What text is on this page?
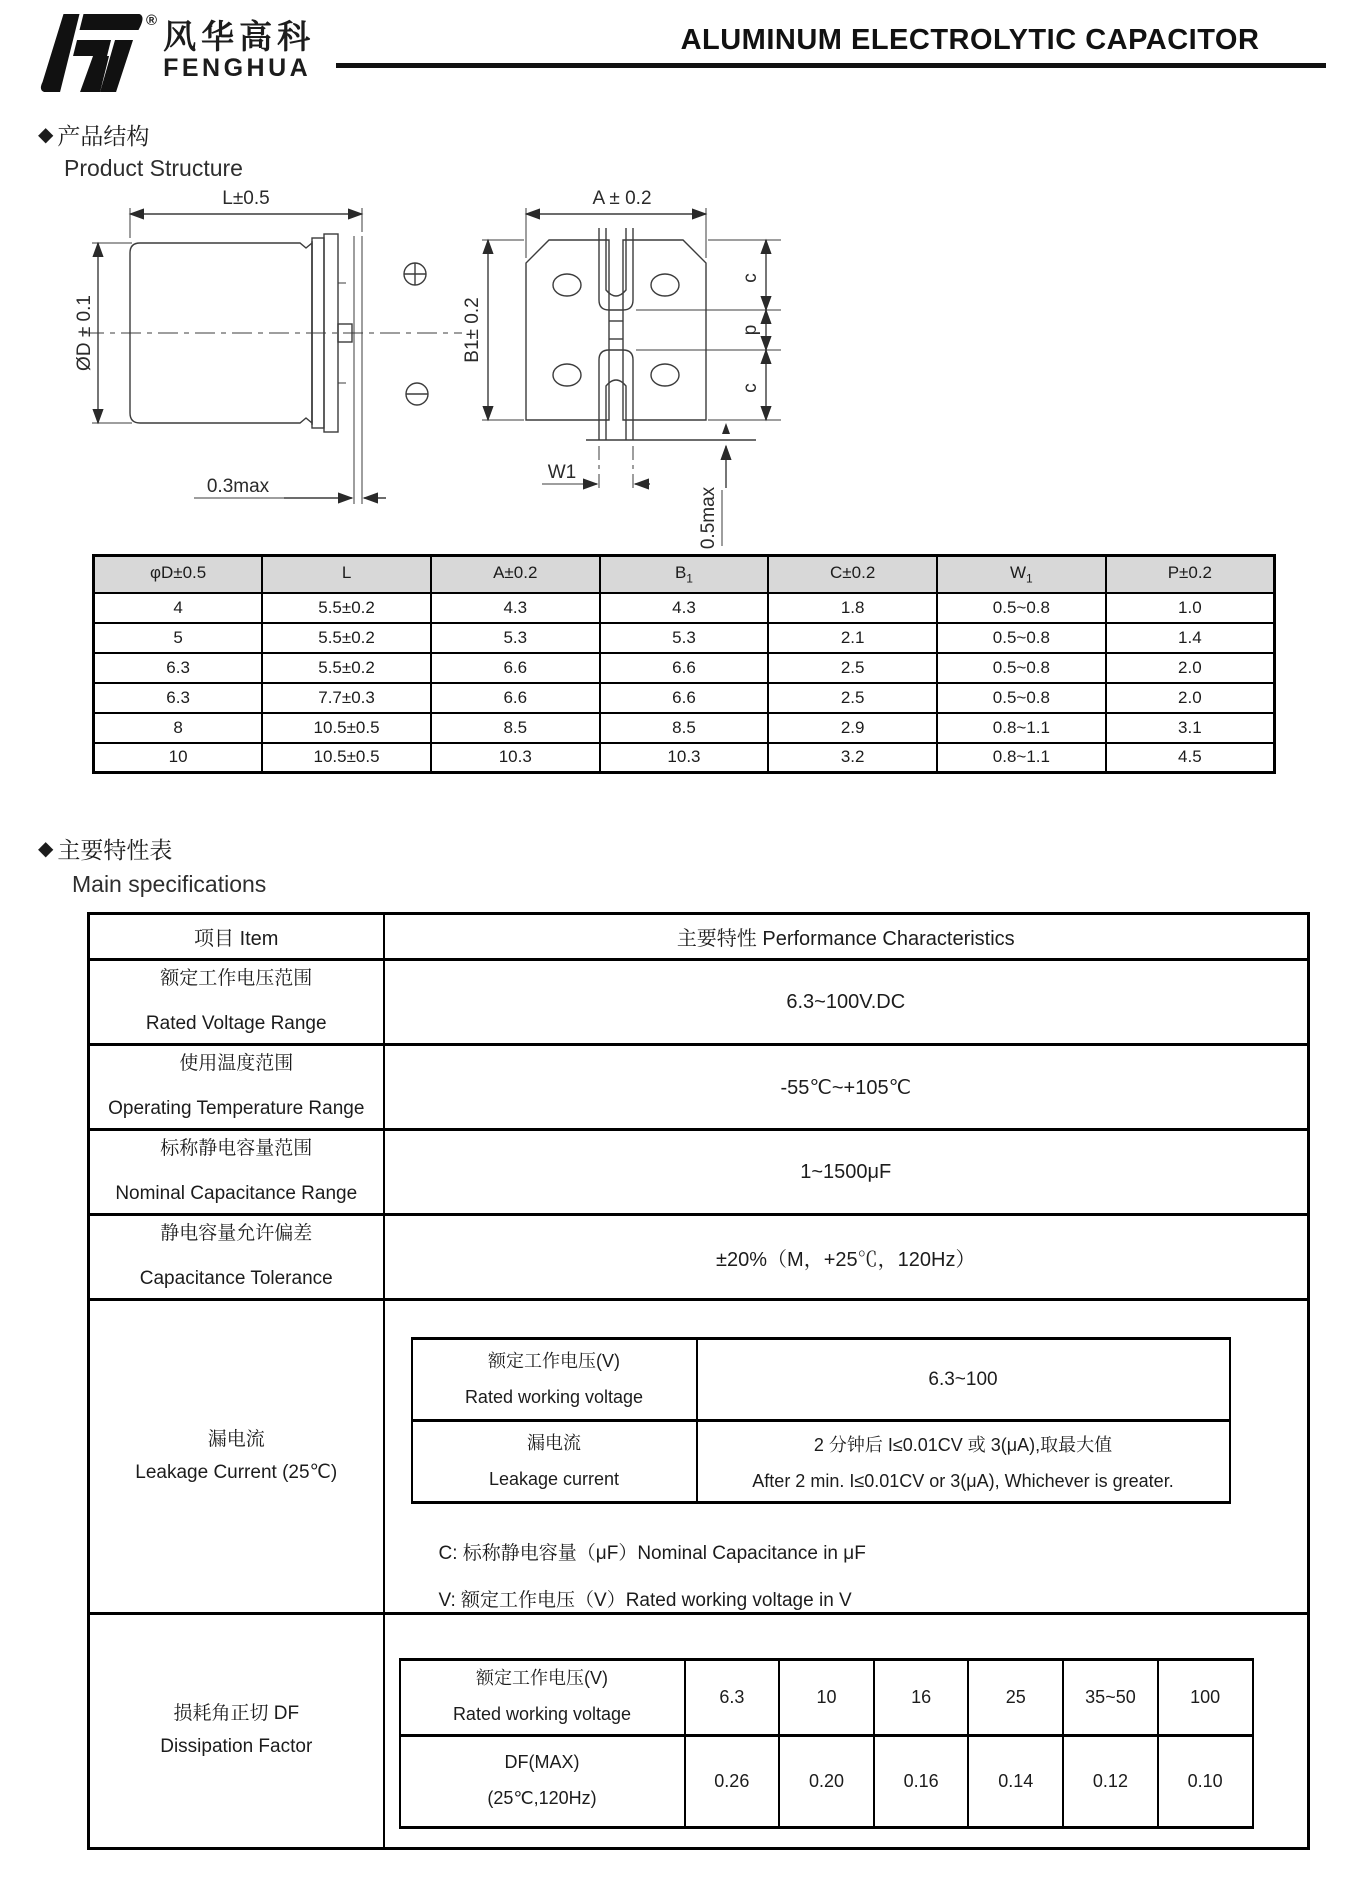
® 风华高科
FENGHUA
ALUMINUM ELECTROLYTIC CAPACITOR
◆ 产品结构
Product Structure
L±0.5
ØD ± 0.1
0.3max
A ± 0.2
B1± 0.2
c
p
c
W1
0.5max
φD±0.5	L	A±0.2	$B_1$	C±0.2	$W_1$	P±0.2
4	5.5±0.2	4.3	4.3	1.8	0.5~0.8	1.0
5	5.5±0.2	5.3	5.3	2.1	0.5~0.8	1.4
6.3	5.5±0.2	6.6	6.6	2.5	0.5~0.8	2.0
6.3	7.7±0.3	6.6	6.6	2.5	0.5~0.8	2.0
8	10.5±0.5	8.5	8.5	2.9	0.8~1.1	3.1
10	10.5±0.5	10.3	10.3	3.2	0.8~1.1	4.5
◆ 主要特性表
Main specifications
项目 Item	主要特性 Performance Characteristics

额定工作电压范围
Rated Voltage Range
	6.3~100V.DC

使用温度范围
Operating Temperature Range
	-55℃~+105℃

标称静电容量范围
Nominal Capacitance Range
	1~1500μF

静电容量允许偏差
Capacitance Tolerance
	±20%（M，+25℃，120Hz）

漏电流
Leakage Current (25℃)

额定工作电压(V)
Rated working voltage
	6.3~100

漏电流
Leakage current

2 分钟后 I≤0.01CV 或 3(μA),取最大值
After 2 min. I≤0.01CV or 3(μA), Whichever is greater.
C: 标称静电容量（μF）Nominal Capacitance in μF
V: 额定工作电压（V）Rated working voltage in V

损耗角正切 DF
Dissipation Factor

额定工作电压(V)
Rated working voltage
	6.3	10	16	25	35~50	100

DF(MAX)
(25℃,120Hz)
	0.26	0.20	0.16	0.14	0.12	0.10
